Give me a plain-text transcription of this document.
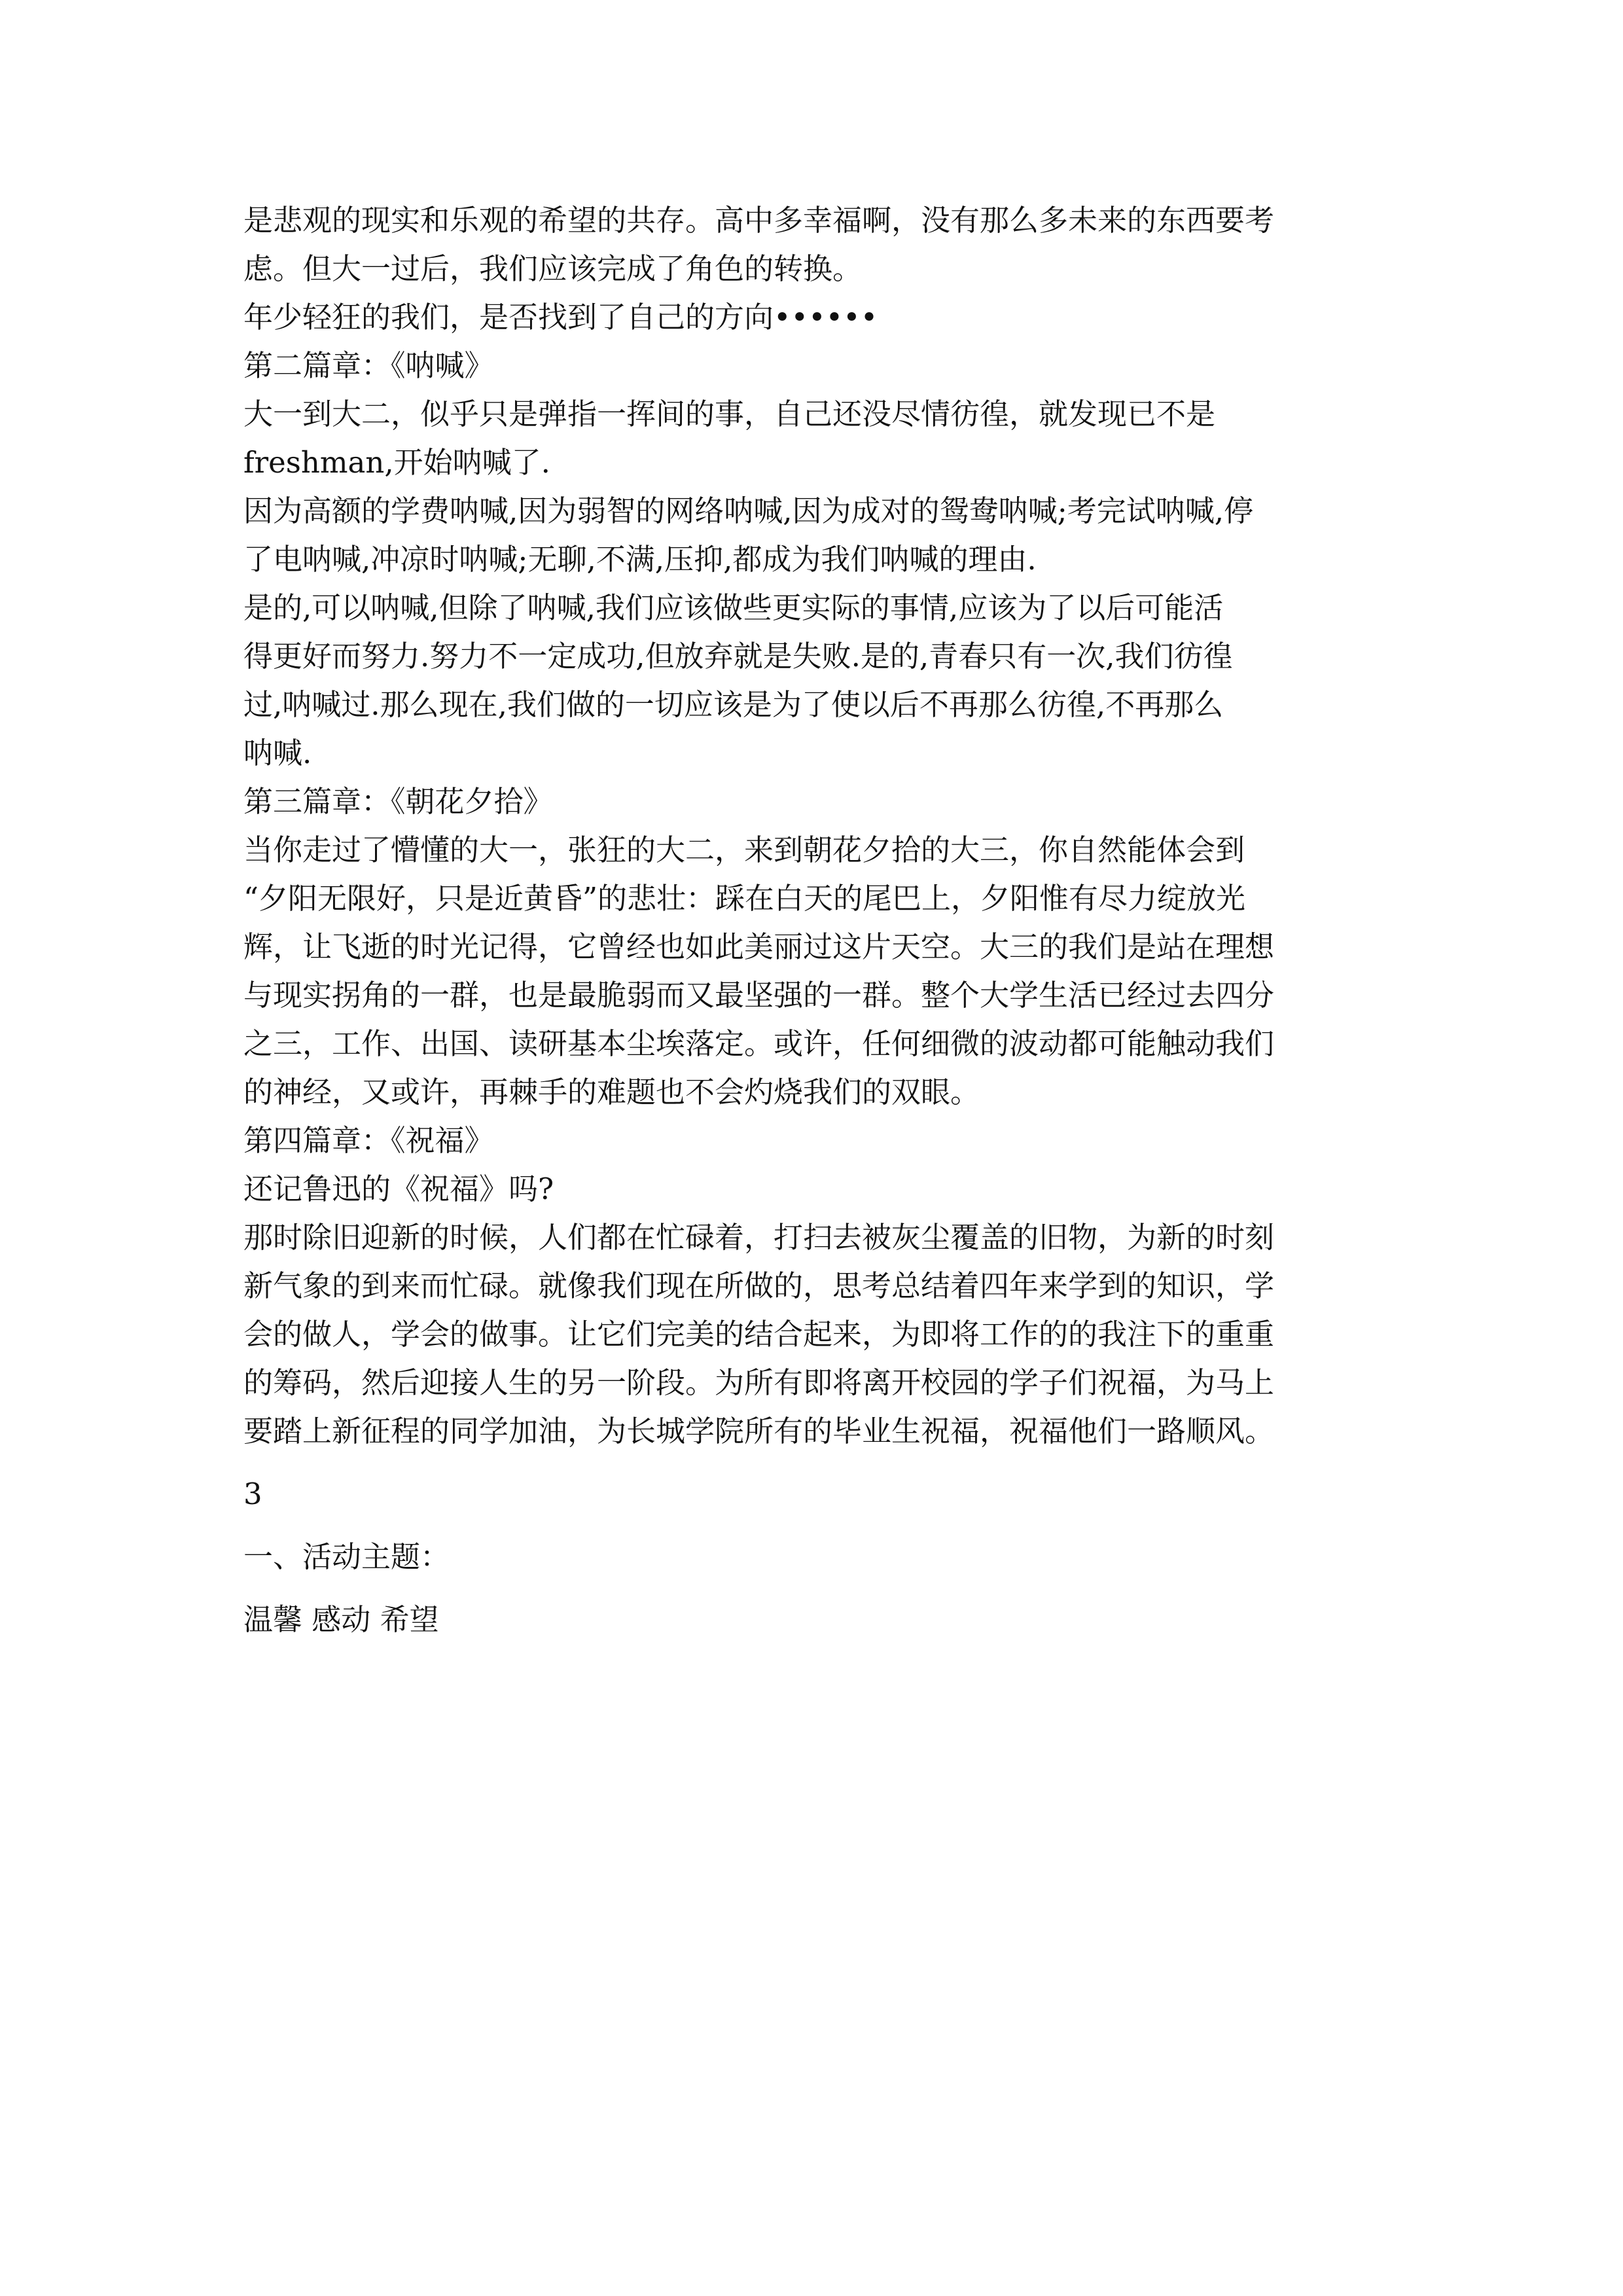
是悲观的现实和乐观的希望的共存。高中多幸福啊，没有那么多未来的东西要考
虑。但大一过后，我们应该完成了角色的转换。
年少轻狂的我们，是否找到了自己的方向••••••
第二篇章：《呐喊》
大一到大二，似乎只是弹指一挥间的事，自己还没尽情彷徨，就发现已不是
freshman,开始呐喊了.
因为高额的学费呐喊,因为弱智的网络呐喊,因为成对的鸳鸯呐喊;考完试呐喊,停
了电呐喊,冲凉时呐喊;无聊,不满,压抑,都成为我们呐喊的理由.
是的,可以呐喊,但除了呐喊,我们应该做些更实际的事情,应该为了以后可能活
得更好而努力.努力不一定成功,但放弃就是失败.是的,青春只有一次,我们彷徨
过,呐喊过.那么现在,我们做的一切应该是为了使以后不再那么彷徨,不再那么
呐喊.
第三篇章：《朝花夕拾》
当你走过了懵懂的大一，张狂的大二，来到朝花夕拾的大三，你自然能体会到
“夕阳无限好，只是近黄昏”的悲壮：踩在白天的尾巴上，夕阳惟有尽力绽放光
辉，让飞逝的时光记得，它曾经也如此美丽过这片天空。大三的我们是站在理想
与现实拐角的一群，也是最脆弱而又最坚强的一群。整个大学生活已经过去四分
之三，工作、出国、读研基本尘埃落定。或许，任何细微的波动都可能触动我们
的神经，又或许，再棘手的难题也不会灼烧我们的双眼。
第四篇章：《祝福》
还记鲁迅的《祝福》吗?
那时除旧迎新的时候，人们都在忙碌着，打扫去被灰尘覆盖的旧物，为新的时刻
新气象的到来而忙碌。就像我们现在所做的，思考总结着四年来学到的知识，学
会的做人，学会的做事。让它们完美的结合起来，为即将工作的的我注下的重重
的筹码，然后迎接人生的另一阶段。为所有即将离开校园的学子们祝福，为马上
要踏上新征程的同学加油，为长城学院所有的毕业生祝福，祝福他们一路顺风。
3
一、活动主题：
温馨 感动 希望
